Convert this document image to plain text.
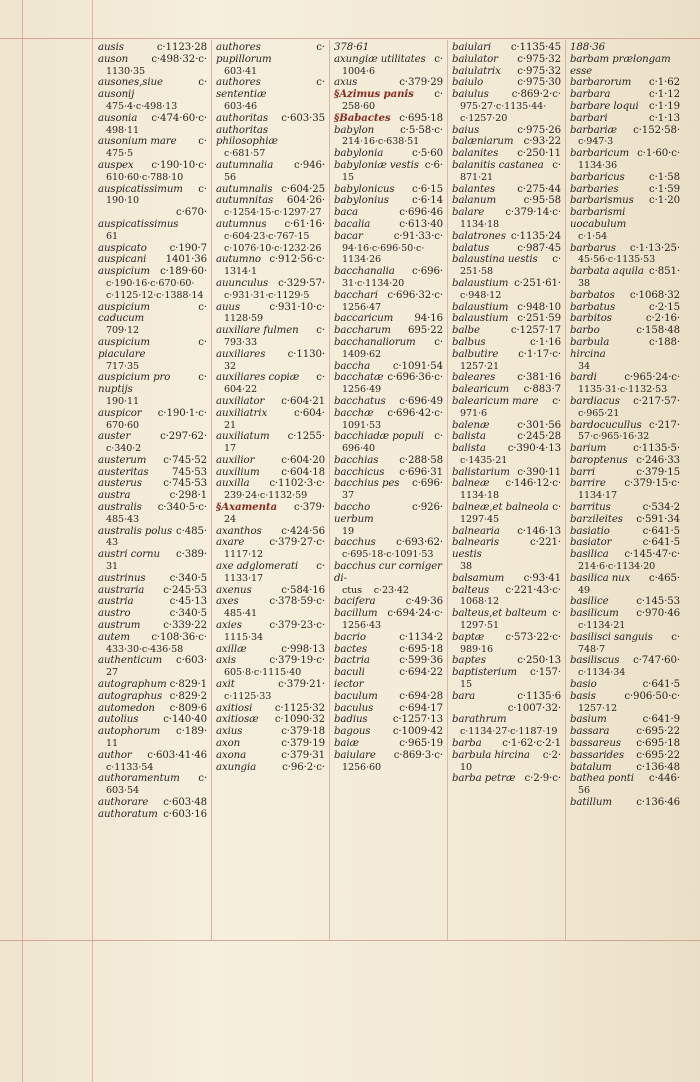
c·1123·28
ausis
c·498·32·c·
auson
1130·35
c·
ausones,siue ausonij
475·4·c·498·13
c·474·60·c·
ausonia
498·11
c·
ausonium mare
475·5
c·190·10·c·
auspex
610·60·c·788·10
c·
auspicatissimum
190·10
c·670·
auspicatissimus
61
c·190·7
auspicato
1401·36
auspicani
c·189·60·
auspicium
c·190·16·c·670·60·
c·1125·12·c·1388·14
c·
auspicium caducum
709·12
c·
auspicium piaculare
717·35
c·
auspicium pro nuptijs
190·11
c·190·1·c·
auspicor
670·60
c·297·62·
auster
c·340·2
c·745·52
austerum
745·53
austeritas
c·745·53
austerus
c·298·1
austra
c·340·5·c·
australis
485·43
c·485·
australis polus
43
c·389·
austri cornu
31
c·340·5
austrinus
c·245·53
austraria
c·45·13
austria
c·340·5
austro
c·339·22
austrum
c·108·36·c·
autem
433·30·c·436·58
c·603·
authenticum
27
c·829·1
autographum
c·829·2
autographus
c·809·6
automedon
c·140·40
autolius
c·189·
autophorum
11
c·603·41·46
author
c·1133·54
c·
authoramentum
603·54
c·603·48
authorare
c·603·16
authoratum
c·
authores pupillorum
603·41
c·
authores sententiæ
603·46
c·603·35
authoritas
authoritas philosophiæ
c·681·57
c·946·
autumnalia
56
c·604·25
autumnalis
604·26·
autumnitas
c·1254·15·c·1297·27
c·61·16·
autumnus
c·604·23·c·767·15
c·1076·10·c·1232·26
c·912·56·c·
autumno
1314·1
c·329·57·
auunculus
c·931·31·c·1129·5
c·931·10·c·
auus
1128·59
c·
auxiliare fulmen
793·33
c·1130·
auxiliares
32
c·
auxiliares copiæ
604·22
c·604·21
auxiliator
c·604·
auxiliatrix
21
c·1255·
auxiliatum
17
c·604·20
auxilior
c·604·18
auxilium
c·1102·3·c·
auxilla
239·24·c·1132·59
c·379·
§Axamenta
24
c·424·56
axanthos
c·379·27·c·
axare
1117·12
c·
axe adglomerati
1133·17
c·584·16
axenus
c·378·59·c·
axes
485·41
c·379·23·c·
axies
1115·34
c·998·13
axillæ
c·379·19·c·
axis
605·8·c·1115·40
c·379·21·
axit
c·1125·33
c·1125·32
axitiosi
c·1090·32
axitiosæ
c·379·18
axius
c·379·19
axon
c·379·31
axona
c·96·2·c·
axungia
378·61
c·
axungiæ utilitates
1004·6
c·379·29
axus
c·
§Azimus panis
258·60
c·695·18
§Babactes
c·5·58·c·
babylon
214·16·c·638·51
c·5·60
babylonia
c·6·
babyloniæ vestis
15
c·6·15
babylonicus
c·6·14
babylonius
c·696·46
baca
c·613·40
bacalia
c·91·33·c·
bacar
94·16·c·696·50·c·
1134·26
c·696·
bacchanalia
31·c·1134·20
c·696·32·c·
bacchari
1256·47
94·16
baccaricum
695·22
baccharum
c·
bacchanaliorum
1409·62
c·1091·54
baccha
c·696·36·c·
bacchatæ
1256·49
c·696·49
bacchatus
c·696·42·c·
bacchæ
1091·53
c·
bacchiadæ populi
696·40
c·288·58
bacchias
c·696·31
bacchicus
c·696·
bacchius pes
37
c·926·
baccho uerbum
19
c·693·62·
bacchus
c·695·18·c·1091·53
bacchus cur corniger di-
ctus    c·23·42
c·49·36
bacifera
c·694·24·c·
bacillum
1256·43
c·1134·2
bacrio
c·695·18
bactes
c·599·36
bactria
c·694·22
baculi iector
c·694·28
baculum
c·694·17
baculus
c·1257·13
badius
c·1009·42
bagous
c·965·19
baiæ
c·869·3·c·
baiulare
1256·60
c·1135·45
baiulari
c·975·32
baiulator
c·975·32
baiulatrix
c·975·30
baiulo
c·869·2·c·
baiulus
975·27·c·1135·44·
c·1257·20
c·975·26
baius
c·93·22
balæniarum
c·250·11
balanites
c·
balanitis castanea
871·21
c·275·44
balantes
c·95·58
balanum
c·379·14·c·
balare
1134·18
c·1135·24
balatrones
c·987·45
balatus
c·
balaustina uestis
251·58
c·251·61·
balaustium
c·948·12
c·948·10
balaustium
c·251·59
balaustium
c·1257·17
balbe
c·1·16
balbus
c·1·17·c·
balbutire
1257·21
c·381·16
baleares
c·883·7
balearicum
c·
balearicum mare
971·6
c·301·56
balenæ
c·245·28
balista
c·390·4·13
balista
c·1435·21
c·390·11
balistarium
c·146·12·c·
balneæ
1134·18
c·
balneæ,et balneola
1297·45
c·146·13
balnearia
c·221·
balnearis uestis
38
c·93·41
balsamum
c·221·43·c·
balteus
1068·12
c·
balteus,et balteum
1297·51
c·573·22·c·
baptæ
989·16
c·250·13
baptes
c·157·
baptisterium
15
c·1135·6
bara
c·1007·32·
barathrum
c·1134·27·c·1187·19
c·1·62·c·2·1
barba
c·2·
barbula hircina
10
c·2·9·c·
barba petræ
188·36
barbam prælongam esse
c·1·62
barbarorum
c·1·12
barbara
c·1·19
barbare loqui
c·1·13
barbari
c·152·58·
barbariæ
c·947·3
c·1·60·c·
barbaricum
1134·36
c·1·58
barbaricus
c·1·59
barbaries
c·1·20
barbarismus
barbarismi uocabulum
c·1·54
c·1·13·25·
barbarus
45·56·c·1135·53
c·851·
barbata aquila
38
c·1068·32
barbatos
c·2·15
barbatus
c·2·16·
barbitos
c·158·48
barbo
c·188·
barbula hircina
34
c·965·24·c·
bardi
1135·31·c·1132·53
c·217·57·
bardiacus
c·965·21
c·217·
bardocucullus
57·c·965·16·32
c·1135·5·
barium
c·246·33
baroptenus
c·379·15
barri
c·379·15·c·
barrire
1134·17
c·534·2
barritus
c·591·34
barzileites
c·641·5
basiatio
c·641·5
basiator
c·145·47·c·
basilica
214·6·c·1134·20
c·465·
basilica nux
49
c·145·53
basilice
c·970·46
basilicum
c·1134·21
c·
basilisci sanguis
748·7
c·747·60·
basiliscus
c·1134·34
c·641·5
basio
c·906·50·c·
basis
1257·12
c·641·9
basium
c·695·22
bassara
c·695·18
bassareus
c·695·22
bassarides
c·136·48
batalum
c·446·
bathea ponti
56
c·136·46
batillum
